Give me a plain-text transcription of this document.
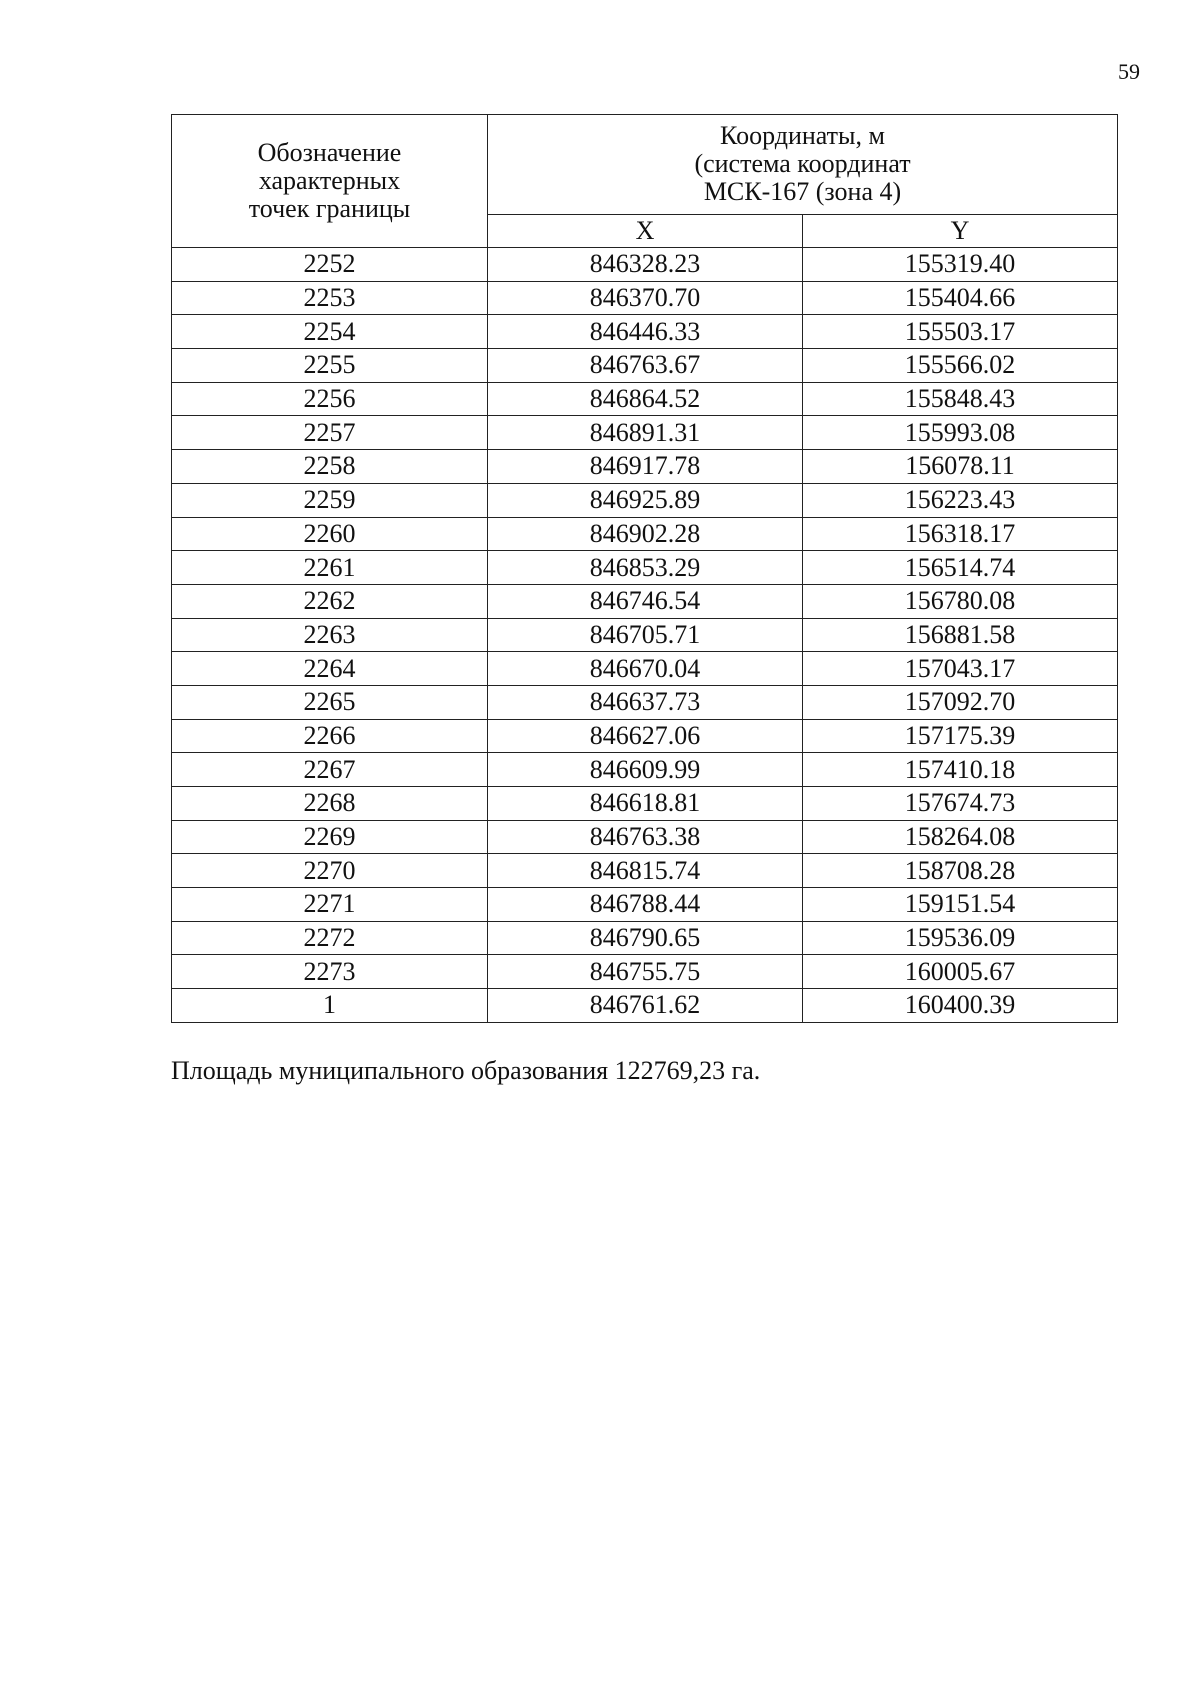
59
Обозначение
характерных
точек границы	Координаты, м
(система координат
МСК-167 (зона 4)	

	X	Y
2252	846328.23	155319.40
2253	846370.70	155404.66
2254	846446.33	155503.17
2255	846763.67	155566.02
2256	846864.52	155848.43
2257	846891.31	155993.08
2258	846917.78	156078.11
2259	846925.89	156223.43
2260	846902.28	156318.17
2261	846853.29	156514.74
2262	846746.54	156780.08
2263	846705.71	156881.58
2264	846670.04	157043.17
2265	846637.73	157092.70
2266	846627.06	157175.39
2267	846609.99	157410.18
2268	846618.81	157674.73
2269	846763.38	158264.08
2270	846815.74	158708.28
2271	846788.44	159151.54
2272	846790.65	159536.09
2273	846755.75	160005.67
1	846761.62	160400.39
Площадь муниципального образования 122769,23 га.
